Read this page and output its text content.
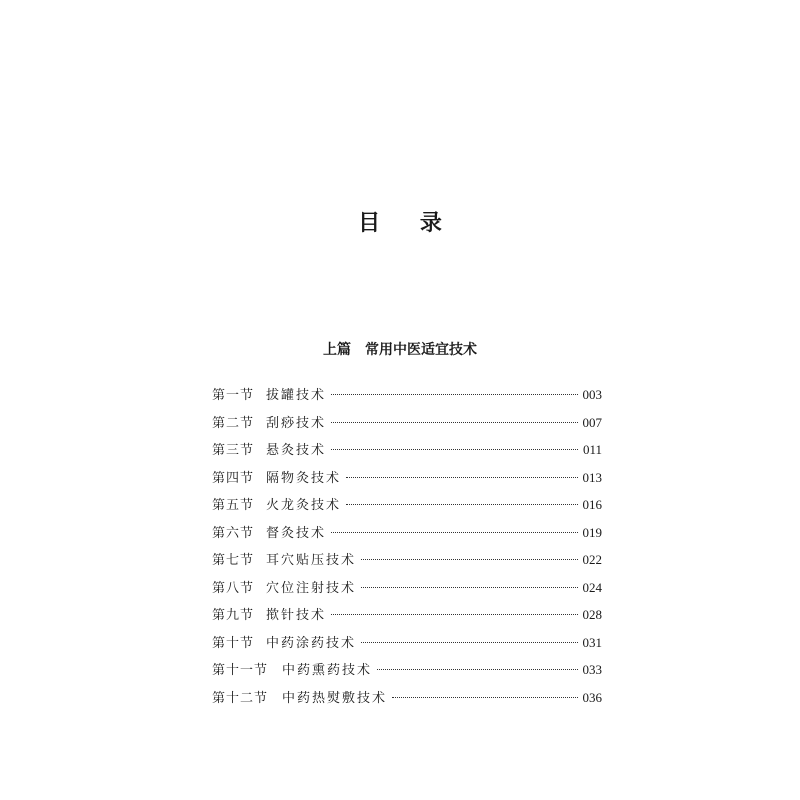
目 录
上篇　常用中医适宜技术
第一节 拔罐技术	003
第二节 刮痧技术	007
第三节 悬灸技术	011
第四节 隔物灸技术	013
第五节 火龙灸技术	016
第六节 督灸技术	019
第七节 耳穴贴压技术	022
第八节 穴位注射技术	024
第九节 揿针技术	028
第十节 中药涂药技术	031
第十一节 中药熏药技术	033
第十二节 中药热熨敷技术	036
